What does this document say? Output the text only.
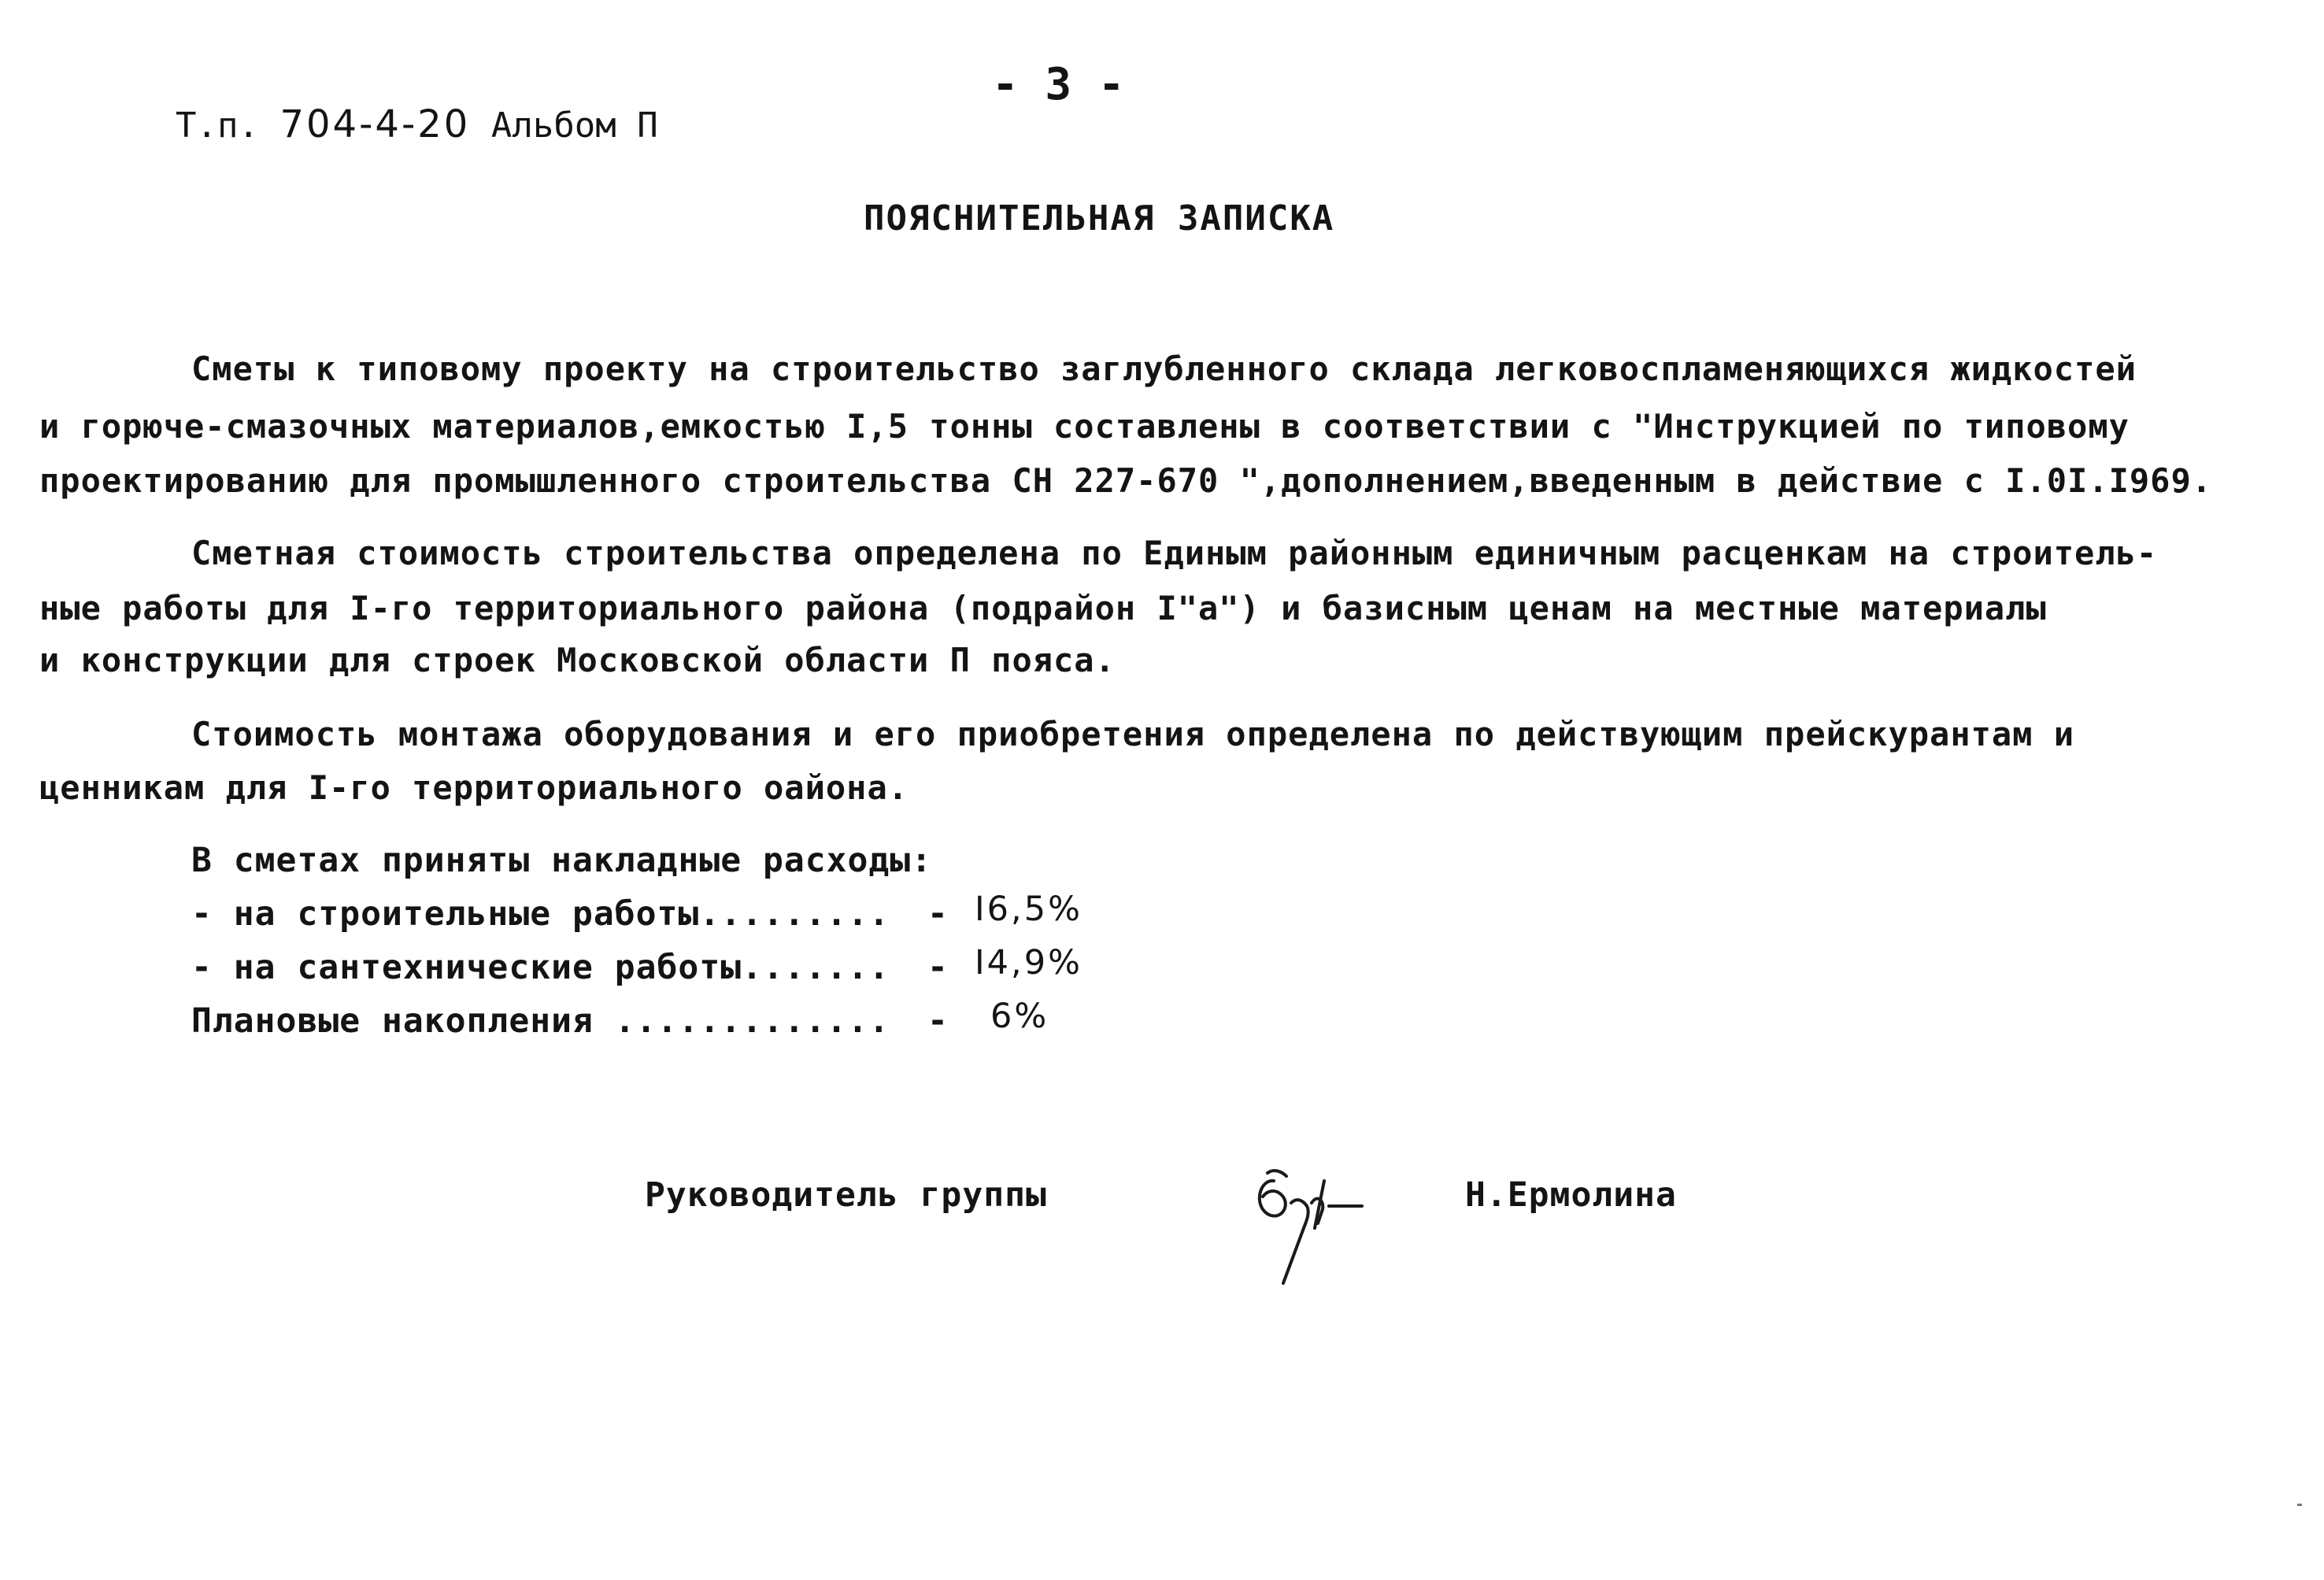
Т.п. 704-4-20 Альбом П
- 3 -
ПОЯСНИТЕЛЬНАЯ ЗАПИСКА
Сметы к типовому проекту на строительство заглубленного склада легковоспламеняющихся жидкостей
и горюче-смазочных материалов,емкостью I,5 тонны составлены в соответствии с "Инструкцией по типовому
проектированию для промышленного строительства СН 227-670 ",дополнением,введенным в действие с I.0I.I969.
Сметная стоимость строительства определена по Единым районным единичным расценкам на строитель-
ные работы для I-го территориального района (подрайон I"а") и базисным ценам на местные материалы
и конструкции для строек Московской области П пояса.
Стоимость монтажа оборудования и его приобретения определена по действующим прейскурантам и
ценникам для I-го территориального оайона.
В сметах приняты накладные расходы:
- на строительные работы......... - I6,5%
- на сантехнические работы....... - I4,9%
Плановые накопления ............. - 6%
Руководитель группы	Н.Ермолина
